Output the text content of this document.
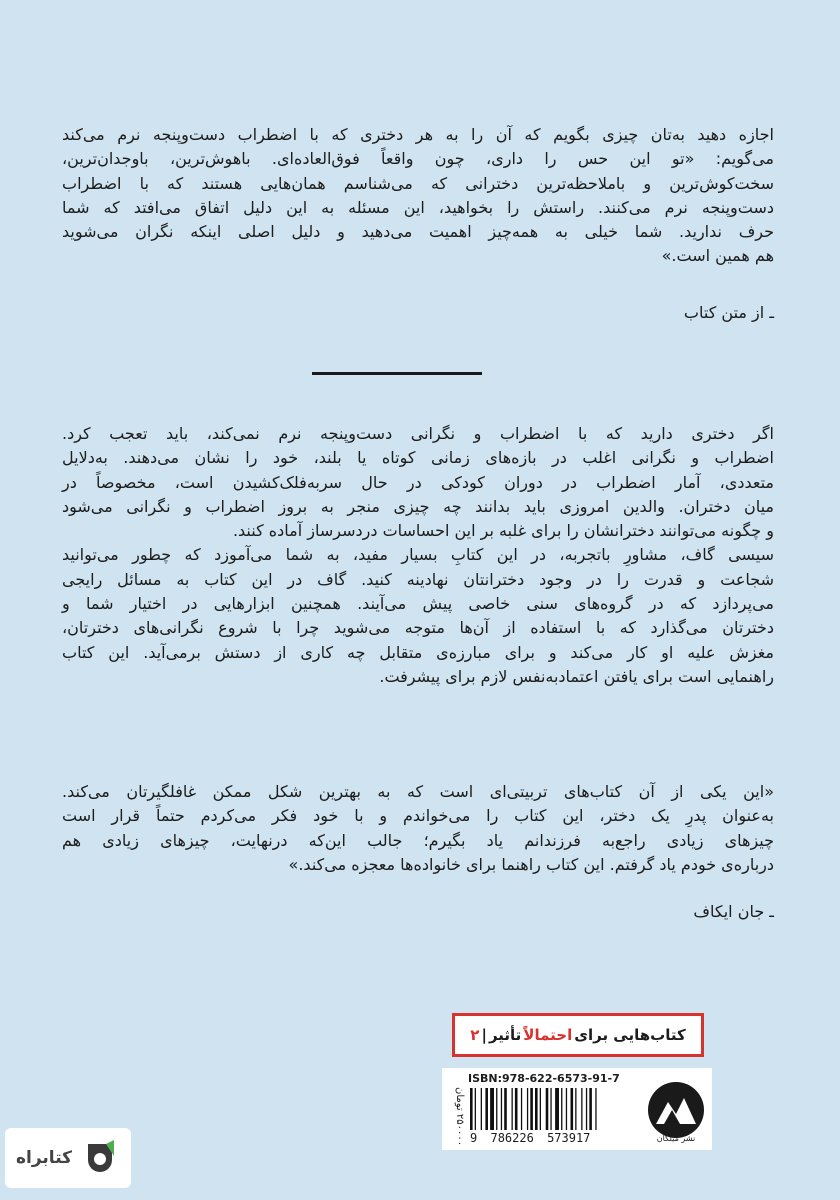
اجازه دهید به‌تان چیزی بگویم که آن را به هر دختری که با اضطراب دست‌وپنجه نرم می‌کند
می‌گویم: «تو این حس را داری، چون واقعاً فوق‌العاده‌ای. باهوش‌ترین، باوجدان‌ترین،
سخت‌کوش‌ترین و باملاحظه‌ترین دخترانی که می‌شناسم همان‌هایی هستند که با اضطراب
دست‌وپنجه نرم می‌کنند. راستش را بخواهید، این مسئله به این دلیل اتفاق می‌افتد که شما
حرف ندارید. شما خیلی به همه‌چیز اهمیت می‌دهید و دلیل اصلی اینکه نگران می‌شوید
هم همین است.»
ـ از متن کتاب
اگر دختری دارید که با اضطراب و نگرانی دست‌وپنجه نرم نمی‌کند، باید تعجب کرد.
اضطراب و نگرانی اغلب در بازه‌های زمانی کوتاه یا بلند، خود را نشان می‌دهند. به‌دلایل
متعددی، آمار اضطراب در دوران کودکی در حال سربه‌فلک‌کشیدن است، مخصوصاً در
میان دختران. والدین امروزی باید بدانند چه چیزی منجر به بروز اضطراب و نگرانی می‌شود
و چگونه می‌توانند دخترانشان را برای غلبه بر این احساسات دردسرساز آماده کنند.
سیسی گاف، مشاورِ باتجربه، در این کتابِ بسیار مفید، به شما می‌آموزد که چطور می‌توانید
شجاعت و قدرت را در وجود دخترانتان نهادینه کنید. گاف در این کتاب به مسائل رایجی
می‌پردازد که در گروه‌های سنی خاصی پیش می‌آیند. همچنین ابزارهایی در اختیار شما و
دخترتان می‌گذارد که با استفاده از آن‌ها متوجه می‌شوید چرا با شروع نگرانی‌های دخترتان،
مغزش علیه او کار می‌کند و برای مبارزه‌ی متقابل چه کاری از دستش برمی‌آید. این کتاب
راهنمایی است برای یافتن اعتمادبه‌نفس لازم برای پیشرفت.
«این یکی از آن کتاب‌های تربیتی‌ای است که به بهترین شکل ممکن غافلگیرتان می‌کند.
به‌عنوان پدرِ یک دختر، این کتاب را می‌خواندم و با خود فکر می‌کردم حتماً قرار است
چیزهای زیادی راجع‌به فرزندانم یاد بگیرم؛ جالب این‌که درنهایت، چیزهای زیادی هم
درباره‌ی خودم یاد گرفتم. این کتاب راهنما برای خانواده‌ها معجزه می‌کند.»
ـ جان ایکاف
کتاب‌هایی برای
احتمالاً
تأثیر
|
۲
۲۵۰۰۰۰ تومان
ISBN:978-622-6573-91-7
9 786226 573917	نشر میلکان
کتابراه
